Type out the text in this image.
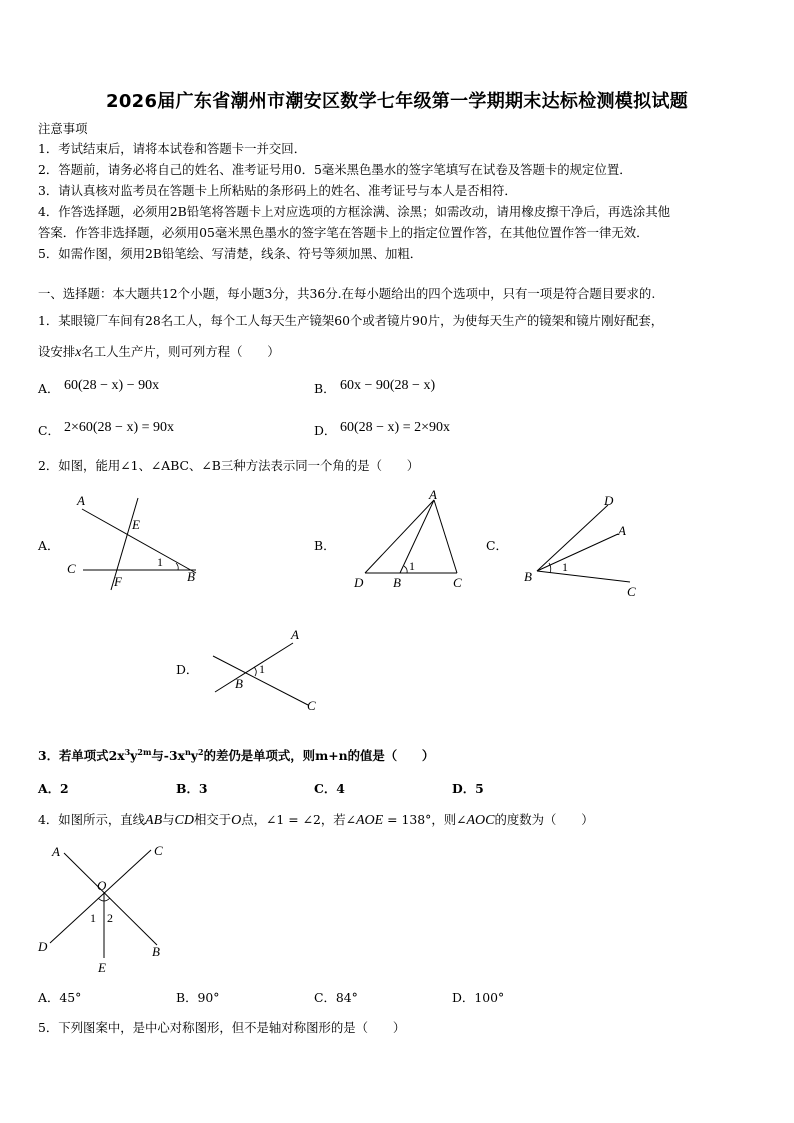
2026届广东省潮州市潮安区数学七年级第一学期期末达标检测模拟试题
注意事项
1．考试结束后，请将本试卷和答题卡一并交回．
2．答题前，请务必将自己的姓名、准考证号用0．5毫米黑色墨水的签字笔填写在试卷及答题卡的规定位置．
3．请认真核对监考员在答题卡上所粘贴的条形码上的姓名、准考证号与本人是否相符．
4．作答选择题，必须用2B铅笔将答题卡上对应选项的方框涂满、涂黑；如需改动，请用橡皮擦干净后，再选涂其他
答案．作答非选择题，必须用05毫米黑色墨水的签字笔在答题卡上的指定位置作答，在其他位置作答一律无效．
5．如需作图，须用2B铅笔绘、写清楚，线条、符号等须加黑、加粗．
一、选择题：本大题共12个小题，每小题3分，共36分.在每小题给出的四个选项中，只有一项是符合题目要求的.
1．某眼镜厂车间有28名工人，每个工人每天生产镜架60个或者镜片90片，为使每天生产的镜架和镜片刚好配套，
设安排x名工人生产片，则可列方程（　　）
A． 60(28 − x) − 90x	B． 60x − 90(28 − x)
C． 2×60(28 − x) = 90x	D． 60(28 − x) = 2×90x
2．如图，能用∠1、∠ABC、∠B三种方法表示同一个角的是（　　）
A．
A
E
C
F	B
1
B．
A
D B	C
1
C．
D
A
B
C
1
D．
A
B
C
1
3．若单项式$2x^3y^{2m}$与$-3x^ny^2$的差仍是单项式，则m+n的值是（　　）
A．2	B．3	C．4	D．5
4．如图所示，直线AB与CD相交于O点，∠1 = ∠2，若∠AOE = 138°，则∠AOC的度数为（　　）
A	C
O
1 2
D	B
E
A．45°	B．90°	C．84°	D．100°
5．下列图案中，是中心对称图形，但不是轴对称图形的是（　　）
